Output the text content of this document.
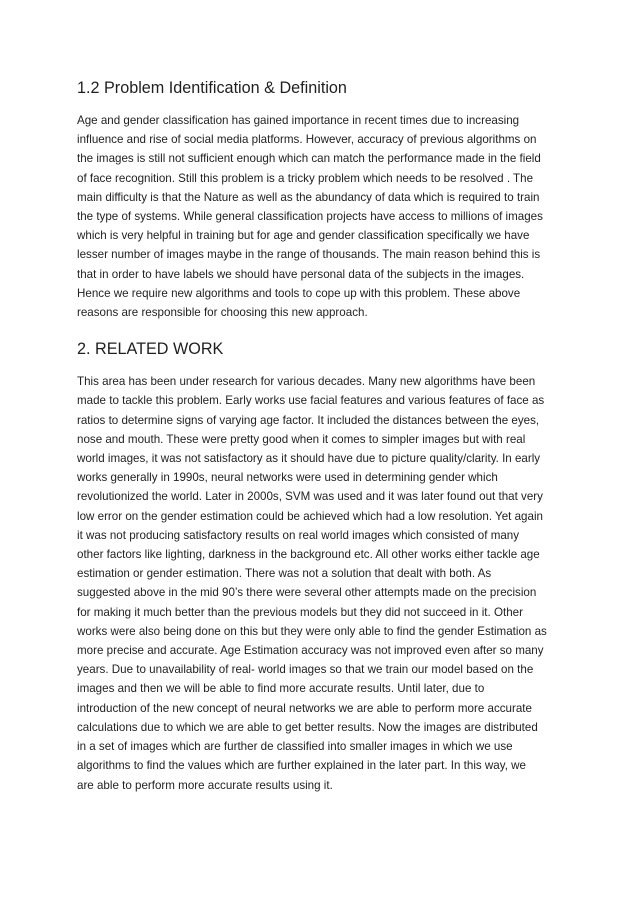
1.2 Problem Identification & Definition

Age and gender classification has gained importance in recent times due to increasing
influence and rise of social media platforms. However, accuracy of previous algorithms on
the images is still not sufficient enough which can match the performance made in the field
of face recognition. Still this problem is a tricky problem which needs to be resolved . The
main difficulty is that the Nature as well as the abundancy of data which is required to train
the type of systems. While general classification projects have access to millions of images
which is very helpful in training but for age and gender classification specifically we have
lesser number of images maybe in the range of thousands. The main reason behind this is
that in order to have labels we should have personal data of the subjects in the images.
Hence we require new algorithms and tools to cope up with this problem. These above
reasons are responsible for choosing this new approach.

2. RELATED WORK

This area has been under research for various decades. Many new algorithms have been
made to tackle this problem. Early works use facial features and various features of face as
ratios to determine signs of varying age factor. It included the distances between the eyes,
nose and mouth. These were pretty good when it comes to simpler images but with real
world images, it was not satisfactory as it should have due to picture quality/clarity. In early
works generally in 1990s, neural networks were used in determining gender which
revolutionized the world. Later in 2000s, SVM was used and it was later found out that very
low error on the gender estimation could be achieved which had a low resolution. Yet again
it was not producing satisfactory results on real world images which consisted of many
other factors like lighting, darkness in the background etc. All other works either tackle age
estimation or gender estimation. There was not a solution that dealt with both. As
suggested above in the mid 90’s there were several other attempts made on the precision
for making it much better than the previous models but they did not succeed in it. Other
works were also being done on this but they were only able to find the gender Estimation as
more precise and accurate. Age Estimation accuracy was not improved even after so many
years. Due to unavailability of real- world images so that we train our model based on the
images and then we will be able to find more accurate results. Until later, due to
introduction of the new concept of neural networks we are able to perform more accurate
calculations due to which we are able to get better results. Now the images are distributed
in a set of images which are further de classified into smaller images in which we use
algorithms to find the values which are further explained in the later part. In this way, we
are able to perform more accurate results using it.
